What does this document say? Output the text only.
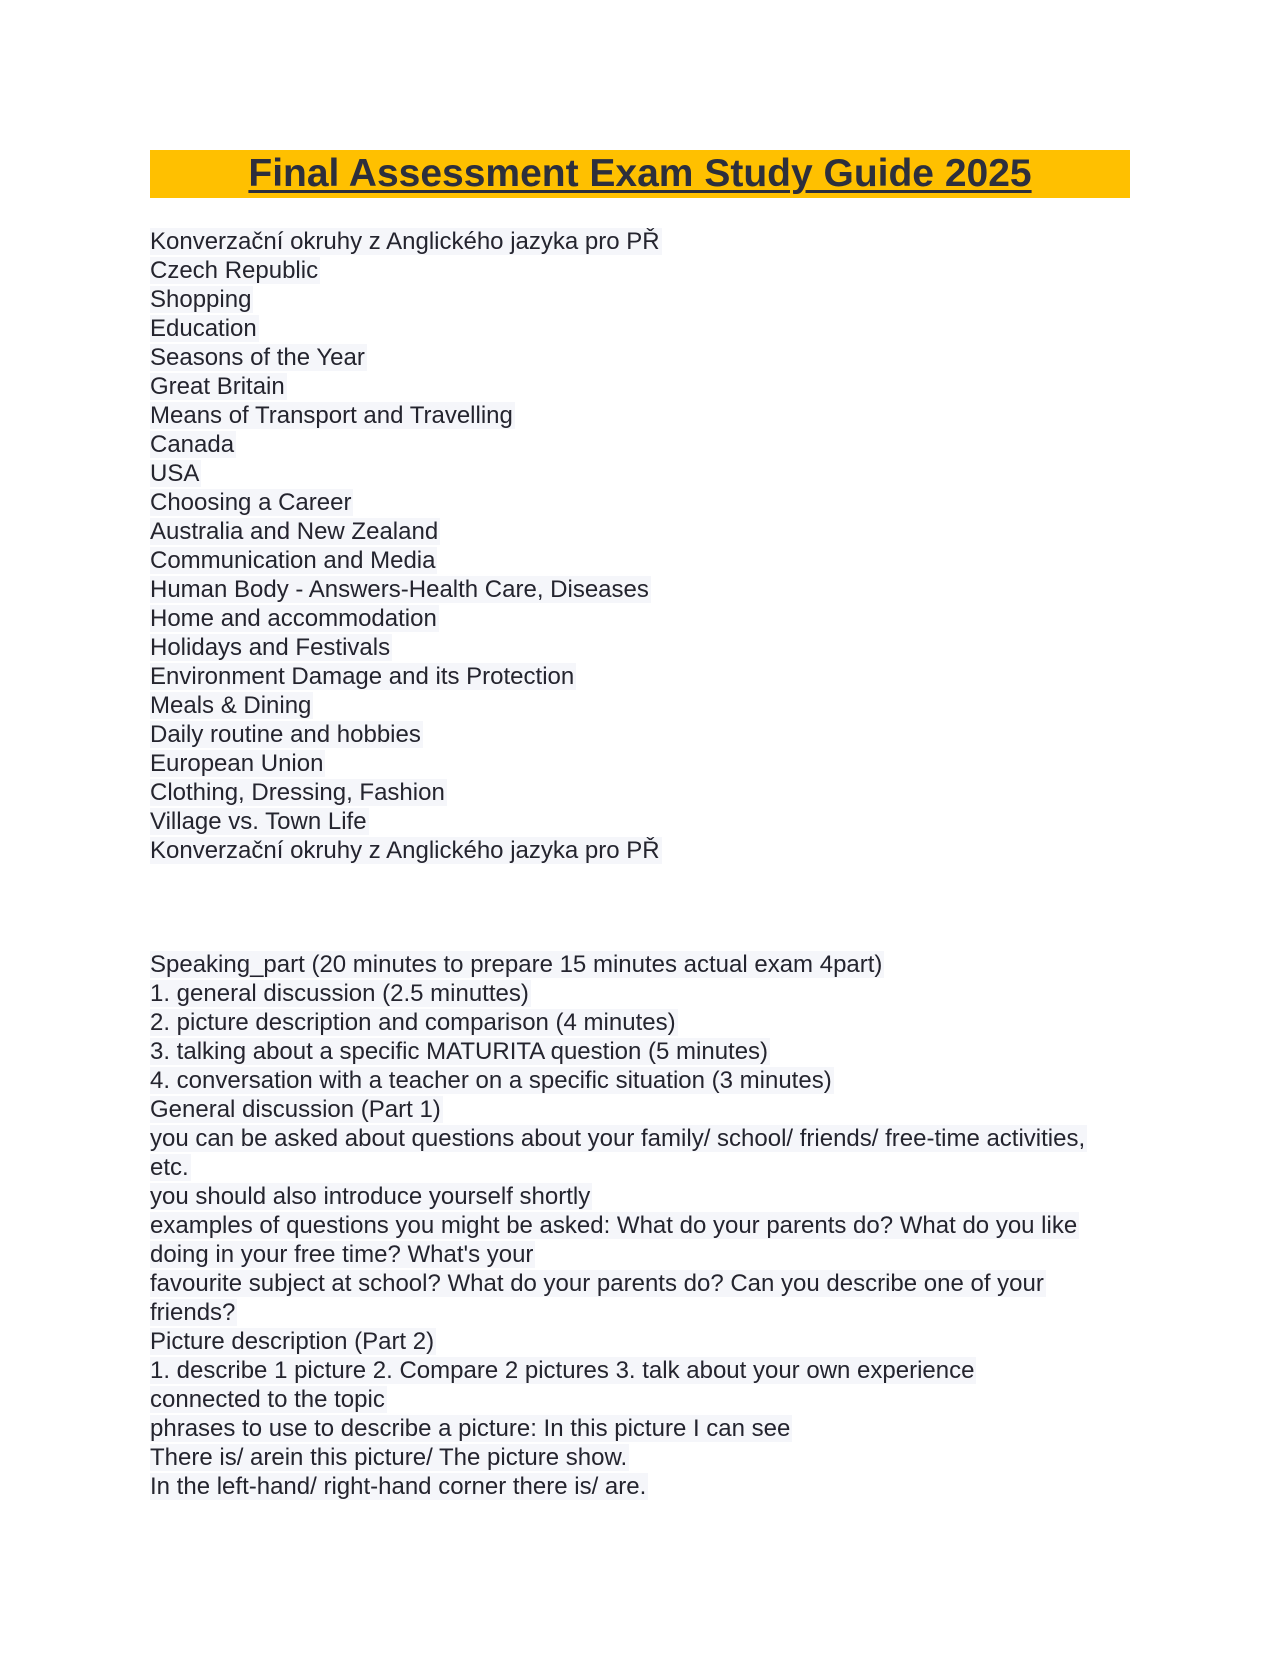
Final Assessment Exam Study Guide 2025
Konverzační okruhy z Anglického jazyka pro PŘ
Czech Republic
Shopping
Education
Seasons of the Year
Great Britain
Means of Transport and Travelling
Canada
USA
Choosing a Career
Australia and New Zealand
Communication and Media
Human Body - Answers-Health Care, Diseases
Home and accommodation
Holidays and Festivals
Environment Damage and its Protection
Meals & Dining
Daily routine and hobbies
European Union
Clothing, Dressing, Fashion
Village vs. Town Life
Konverzační okruhy z Anglického jazyka pro PŘ
Speaking_part (20 minutes to prepare 15 minutes actual exam 4part)
1. general discussion (2.5 minuttes)
2. picture description and comparison (4 minutes)
3. talking about a specific MATURITA question (5 minutes)
4. conversation with a teacher on a specific situation (3 minutes)
General discussion (Part 1)
you can be asked about questions about your family/ school/ friends/ free-time activities,
etc.
you should also introduce yourself shortly
examples of questions you might be asked: What do your parents do? What do you like
doing in your free time? What's your
favourite subject at school? What do your parents do? Can you describe one of your
friends?
Picture description (Part 2)
1. describe 1 picture 2. Compare 2 pictures 3. talk about your own experience
connected to the topic
phrases to use to describe a picture: In this picture I can see
There is/ arein this picture/ The picture show.
In the left-hand/ right-hand corner there is/ are.
